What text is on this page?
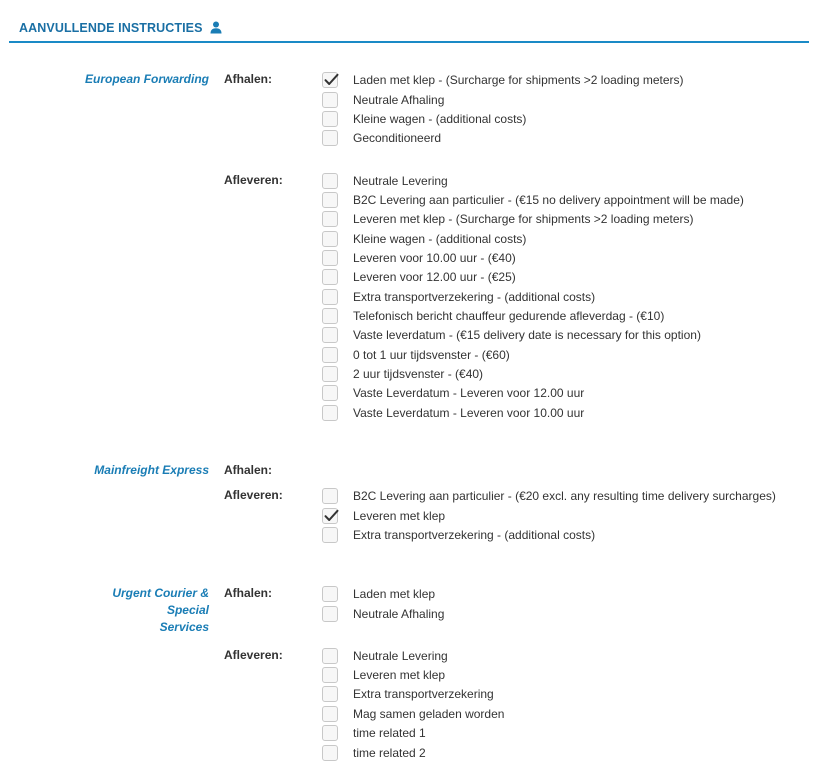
AANVULLENDE INSTRUCTIES
European Forwarding Afhalen:	Laden met klep - (Surcharge for shipments >2 loading meters)
Neutrale Afhaling
Kleine wagen - (additional costs)
Geconditioneerd
Afleveren:	Neutrale Levering
B2C Levering aan particulier - (€15 no delivery appointment will be made)
Leveren met klep - (Surcharge for shipments >2 loading meters)
Kleine wagen - (additional costs)
Leveren voor 10.00 uur - (€40)
Leveren voor 12.00 uur - (€25)
Extra transportverzekering - (additional costs)
Telefonisch bericht chauffeur gedurende afleverdag - (€10)
Vaste leverdatum - (€15 delivery date is necessary for this option)
0 tot 1 uur tijdsvenster - (€60)
2 uur tijdsvenster - (€40)
Vaste Leverdatum - Leveren voor 12.00 uur
Vaste Leverdatum - Leveren voor 10.00 uur
Mainfreight Express Afhalen:
Afleveren:	B2C Levering aan particulier - (€20 excl. any resulting time delivery surcharges)
Leveren met klep
Extra transportverzekering - (additional costs)
Urgent Courier & Special
Services
Afhalen:	Laden met klep
Neutrale Afhaling
Afleveren:	Neutrale Levering
Leveren met klep
Extra transportverzekering
Mag samen geladen worden
time related 1
time related 2
